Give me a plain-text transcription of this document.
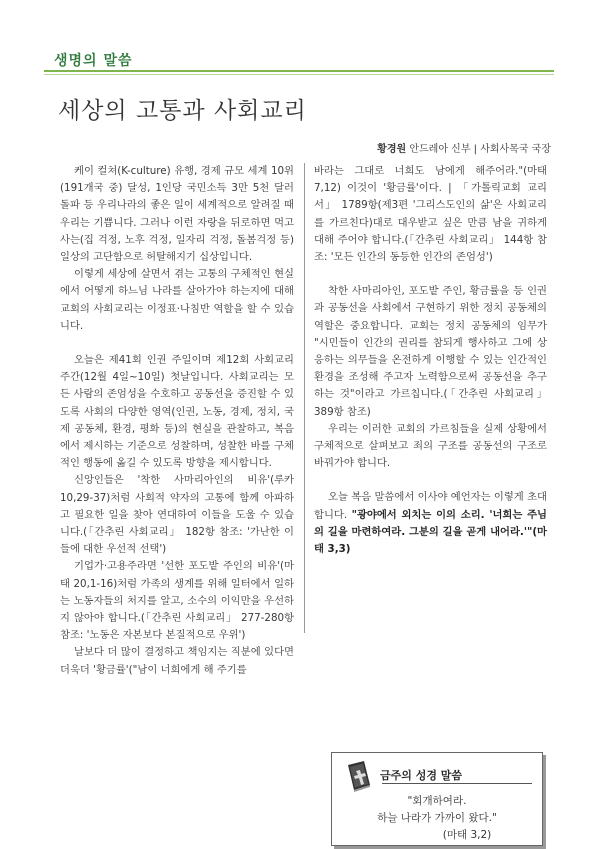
생명의 말씀
세상의 고통과 사회교리
황경원 안드레아 신부 | 사회사목국 국장

케이 컬쳐(K-culture) 유행, 경제 규모 세계 10위(191개국 중) 달성, 1인당 국민소득 3만 5천 달러 돌파 등 우리나라의 좋은 일이 세계적으로 알려질 때 우리는 기쁩니다. 그러나 이런 자랑을 뒤로하면 먹고사는(집 걱정, 노후 걱정, 일자리 걱정, 돌봄걱정 등) 일상의 고단함으로 허탈해지기 십상입니다.

이렇게 세상에 살면서 겪는 고통의 구체적인 현실에서 어떻게 하느님 나라를 살아가야 하는지에 대해 교회의 사회교리는 이정표·나침반 역할을 할 수 있습니다.

오늘은 제41회 인권 주일이며 제12회 사회교리 주간(12월 4일~10일) 첫날입니다. 사회교리는 모든 사람의 존엄성을 수호하고 공동선을 증진할 수 있도록 사회의 다양한 영역(인권, 노동, 경제, 정치, 국제 공동체, 환경, 평화 등)의 현실을 관찰하고, 복음에서 제시하는 기준으로 성찰하며, 성찰한 바를 구체적인 행동에 옮길 수 있도록 방향을 제시합니다.

신앙인들은 '착한 사마리아인의 비유'(루카 10,29-37)처럼 사회적 약자의 고통에 함께 아파하고 필요한 일을 찾아 연대하여 이들을 도울 수 있습니다.(「간추린 사회교리」 182항 참조: '가난한 이들에 대한 우선적 선택')

기업가·고용주라면 '선한 포도밭 주인의 비유'(마태 20,1-16)처럼 가족의 생계를 위해 일터에서 일하는 노동자들의 처지를 알고, 소수의 이익만을 우선하지 않아야 합니다.(「간추린 사회교리」 277-280항 참조: '노동은 자본보다 본질적으로 우위')

날보다 더 많이 결정하고 책임지는 직분에 있다면 더욱더 '황금률'("남이 너희에게 해 주기를

바라는 그대로 너희도 남에게 해주어라."(마태 7,12) 이것이 '황금률'이다. | 「가톨릭교회 교리서」 1789항(제3편 '그리스도인의 삶'은 사회교리를 가르친다)대로 대우받고 싶은 만큼 남을 귀하게 대해 주어야 합니다.(「간추린 사회교리」 144항 참조: '모든 인간의 동등한 인간의 존엄성')

착한 사마리아인, 포도밭 주인, 황금률을 등 인권과 공동선을 사회에서 구현하기 위한 정치 공동체의 역할은 중요합니다. 교회는 정치 공동체의 임무가 "시민들이 인간의 권리를 참되게 행사하고 그에 상응하는 의무들을 온전하게 이행할 수 있는 인간적인 환경을 조성해 주고자 노력함으로써 공동선을 추구하는 것"이라고 가르칩니다.(「간추린 사회교리」 389항 참조)

우리는 이러한 교회의 가르침들을 실제 상황에서 구체적으로 살펴보고 죄의 구조를 공동선의 구조로 바꿔가야 합니다.

오늘 복음 말씀에서 이사야 예언자는 이렇게 초대합니다. "광야에서 외치는 이의 소리. '너희는 주님의 길을 마련하여라. 그분의 길을 곧게 내어라.'"(마태 3,3)

금주의 성경 말씀
"회개하여라.
하늘 나라가 가까이 왔다."
(마태 3,2)
